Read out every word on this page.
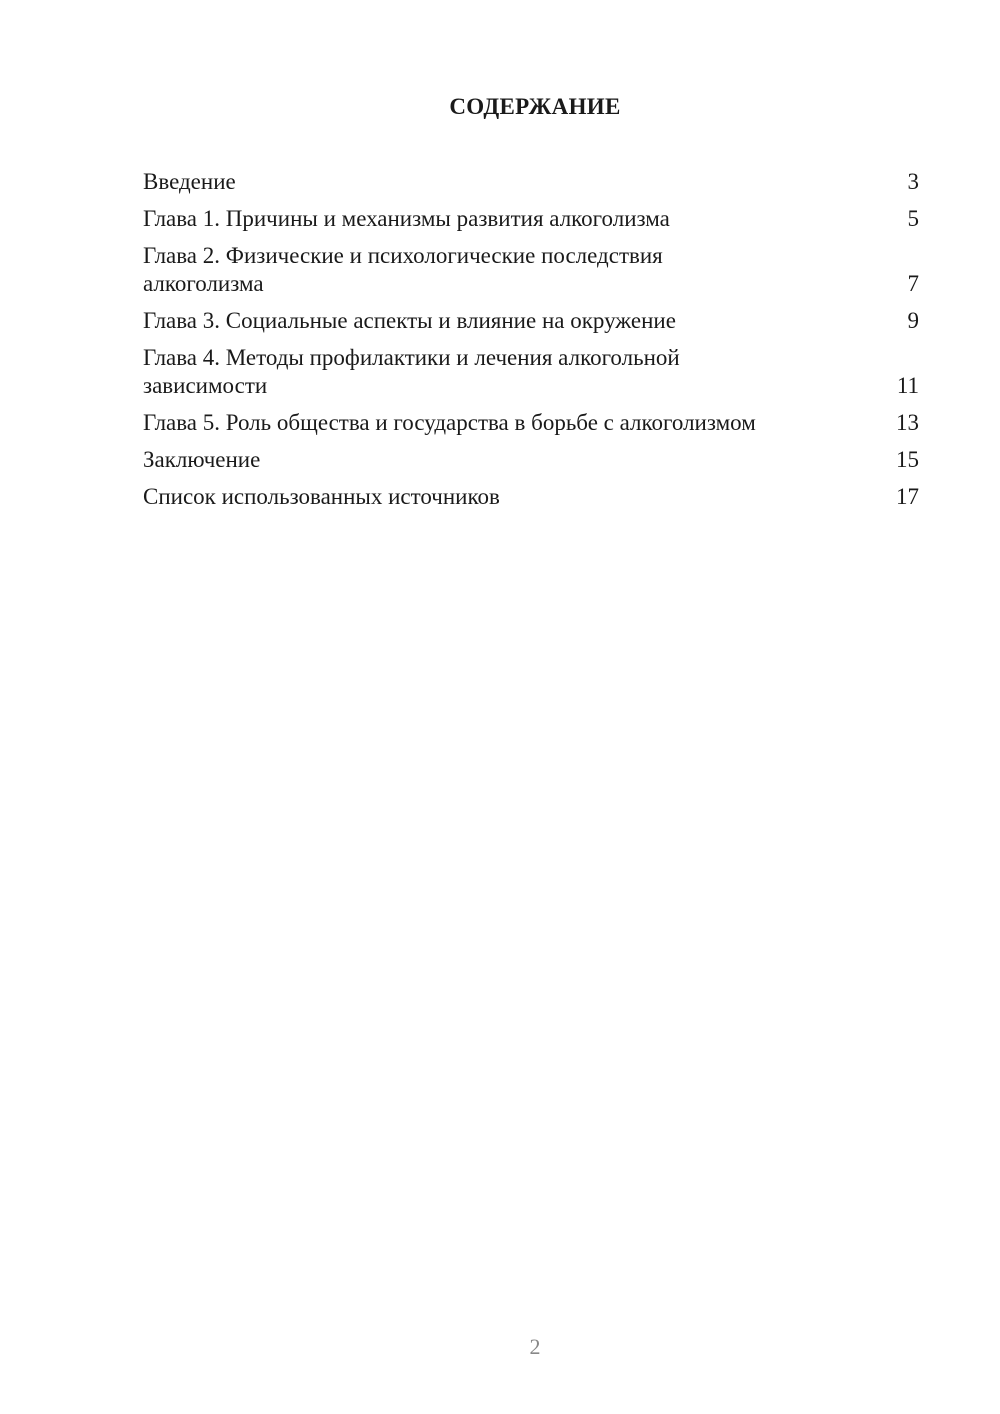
СОДЕРЖАНИЕ
Введение	3
Глава 1. Причины и механизмы развития алкоголизма	5
Глава 2. Физические и психологические последствия алкоголизма	7
Глава 3. Социальные аспекты и влияние на окружение	9
Глава 4. Методы профилактики и лечения алкогольной зависимости	11
Глава 5. Роль общества и государства в борьбе с алкоголизмом	13
Заключение	15
Список использованных источников	17
2
